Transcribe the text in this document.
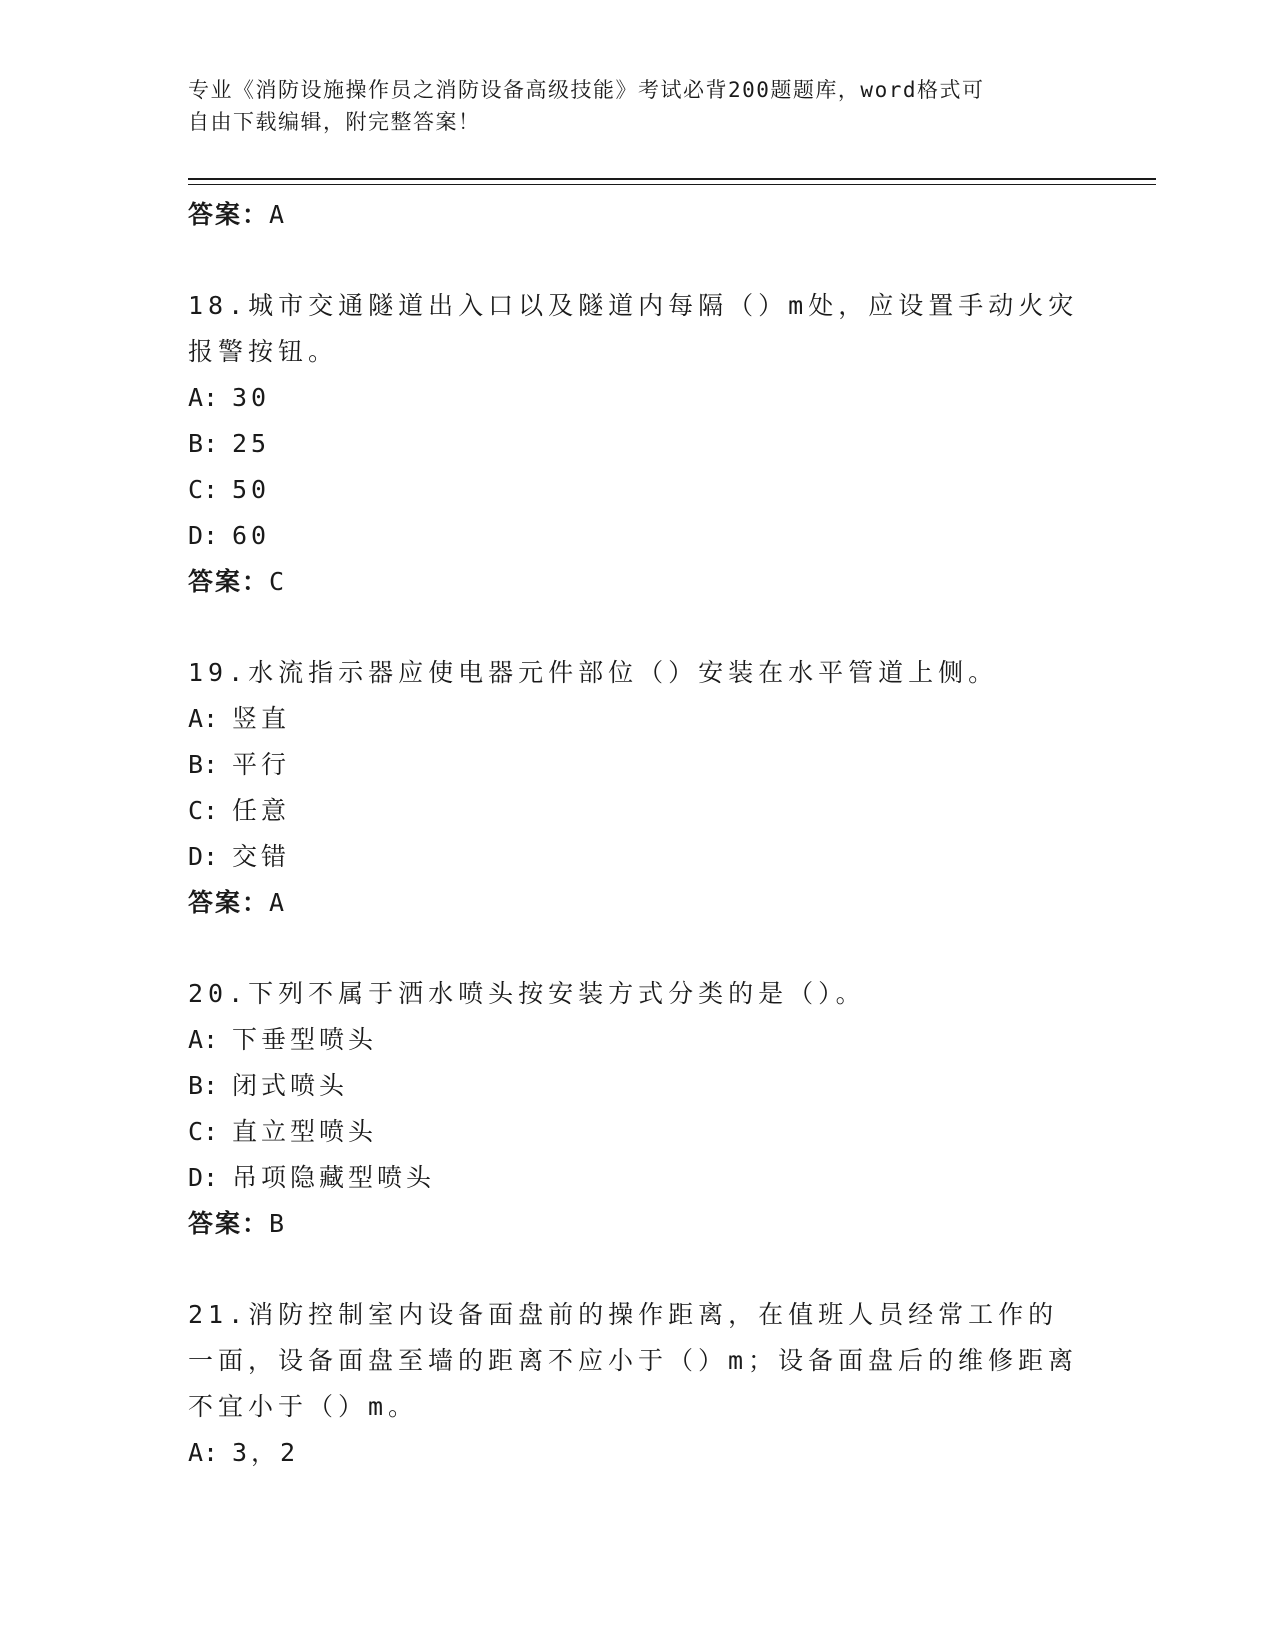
专业《消防设施操作员之消防设备高级技能》考试必背200题题库，word格式可
自由下载编辑，附完整答案！
答案：A
18.城市交通隧道出入口以及隧道内每隔（）m处，应设置手动火灾报警按钮。
A: 30
B: 25
C: 50
D: 60
答案：C
19.水流指示器应使电器元件部位（）安装在水平管道上侧。
A: 竖直
B: 平行
C: 任意
D: 交错
答案：A
20.下列不属于洒水喷头按安装方式分类的是（）。
A: 下垂型喷头
B: 闭式喷头
C: 直立型喷头
D: 吊项隐藏型喷头
答案：B
21.消防控制室内设备面盘前的操作距离，在值班人员经常工作的一面，设备面盘至墙的距离不应小于（）m；设备面盘后的维修距离不宜小于（）m。
A: 3，2
